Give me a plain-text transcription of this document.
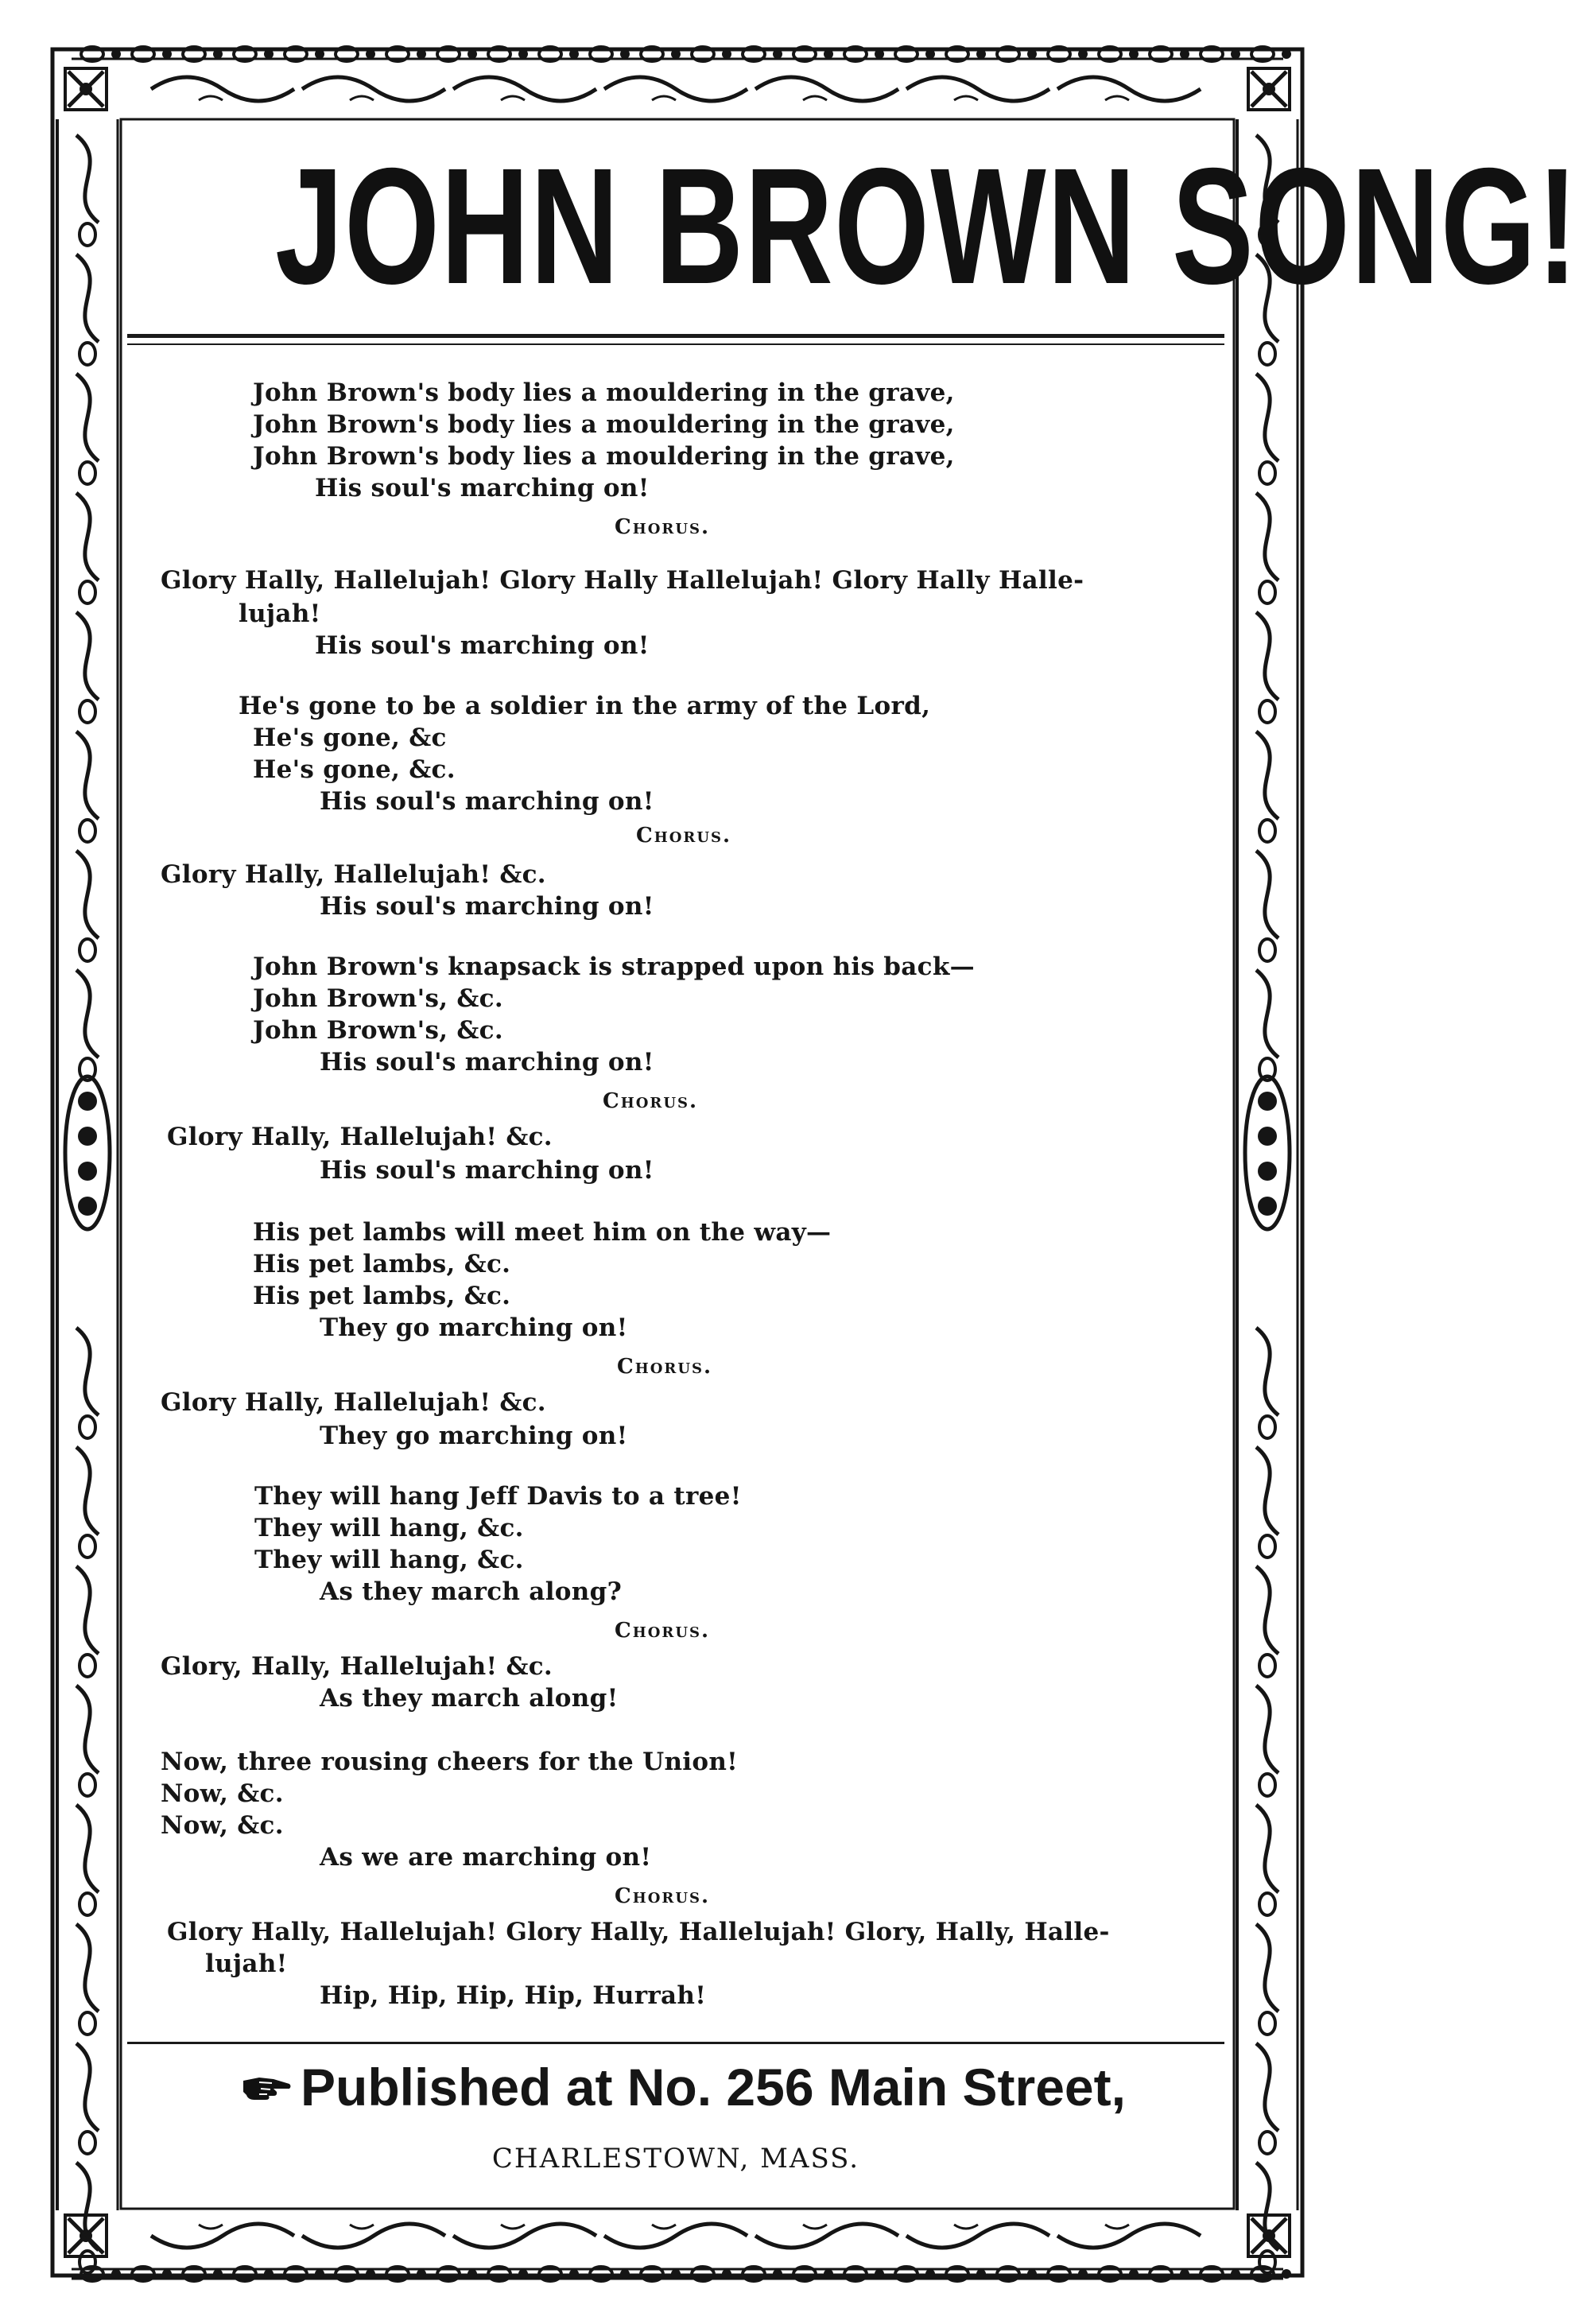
JOHN BROWN SONG!
John Brown's body lies a mouldering in the grave,
John Brown's body lies a mouldering in the grave,
John Brown's body lies a mouldering in the grave,
His soul's marching on!
Chorus.
Glory Hally, Hallelujah! Glory Hally Hallelujah! Glory Hally Halle-
lujah!
His soul's marching on!
He's gone to be a soldier in the army of the Lord,
He's gone, &c
He's gone, &c.
His soul's marching on!
Chorus.
Glory Hally, Hallelujah! &c.
His soul's marching on!
John Brown's knapsack is strapped upon his back—
John Brown's, &c.
John Brown's, &c.
His soul's marching on!
Chorus.
Glory Hally, Hallelujah! &c.
His soul's marching on!
His pet lambs will meet him on the way—
His pet lambs, &c.
His pet lambs, &c.
They go marching on!
Chorus.
Glory Hally, Hallelujah! &c.
They go marching on!
They will hang Jeff Davis to a tree!
They will hang, &c.
They will hang, &c.
As they march along?
Chorus.
Glory, Hally, Hallelujah! &c.
As they march along!
Now, three rousing cheers for the Union!
Now, &c.
Now, &c.
As we are marching on!
Chorus.
Glory Hally, Hallelujah! Glory Hally, Hallelujah! Glory, Hally, Halle-
lujah!
Hip, Hip, Hip, Hip, Hurrah!
Published at No. 256 Main Street,
CHARLESTOWN, MASS.
